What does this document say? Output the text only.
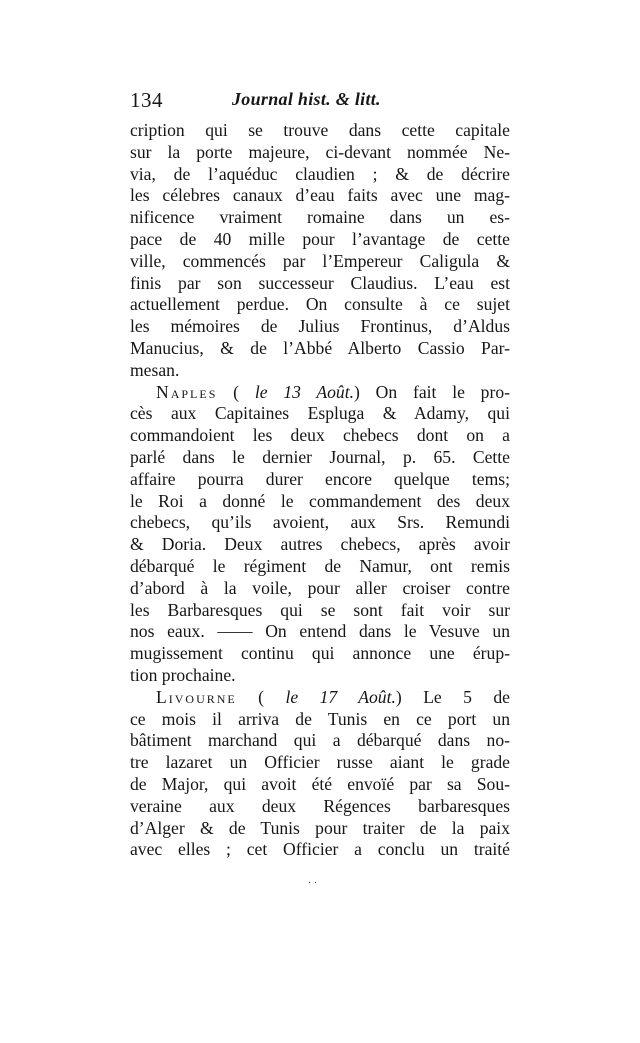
134	Journal hist. & litt.
cription qui se trouve dans cette capitale
sur la porte majeure, ci-devant nommée Ne-
via, de l’aquéduc claudien ; & de décrire
les célebres canaux d’eau faits avec une mag-
nificence vraiment romaine dans un es-
pace de 40 mille pour l’avantage de cette
ville, commencés par l’Empereur Caligula &
finis par son successeur Claudius. L’eau est
actuellement perdue. On consulte à ce sujet
les mémoires de Julius Frontinus, d’Aldus
Manucius, & de l’Abbé Alberto Cassio Par-
mesan.
Naples ( le 13 Août.) On fait le pro-
cès aux Capitaines Espluga & Adamy, qui
commandoient les deux chebecs dont on a
parlé dans le dernier Journal, p. 65. Cette
affaire pourra durer encore quelque tems;
le Roi a donné le commandement des deux
chebecs, qu’ils avoient, aux Srs. Remundi
& Doria. Deux autres chebecs, après avoir
débarqué le régiment de Namur, ont remis
d’abord à la voile, pour aller croiser contre
les Barbaresques qui se sont fait voir sur
nos eaux. —— On entend dans le Vesuve un
mugissement continu qui annonce une érup-
tion prochaine.
Livourne ( le 17 Août.) Le 5 de
ce mois il arriva de Tunis en ce port un
bâtiment marchand qui a débarqué dans no-
tre lazaret un Officier russe aiant le grade
de Major, qui avoit été envoïé par sa Sou-
veraine aux deux Régences barbaresques
d’Alger & de Tunis pour traiter de la paix
avec elles ; cet Officier a conclu un traité
· ·
